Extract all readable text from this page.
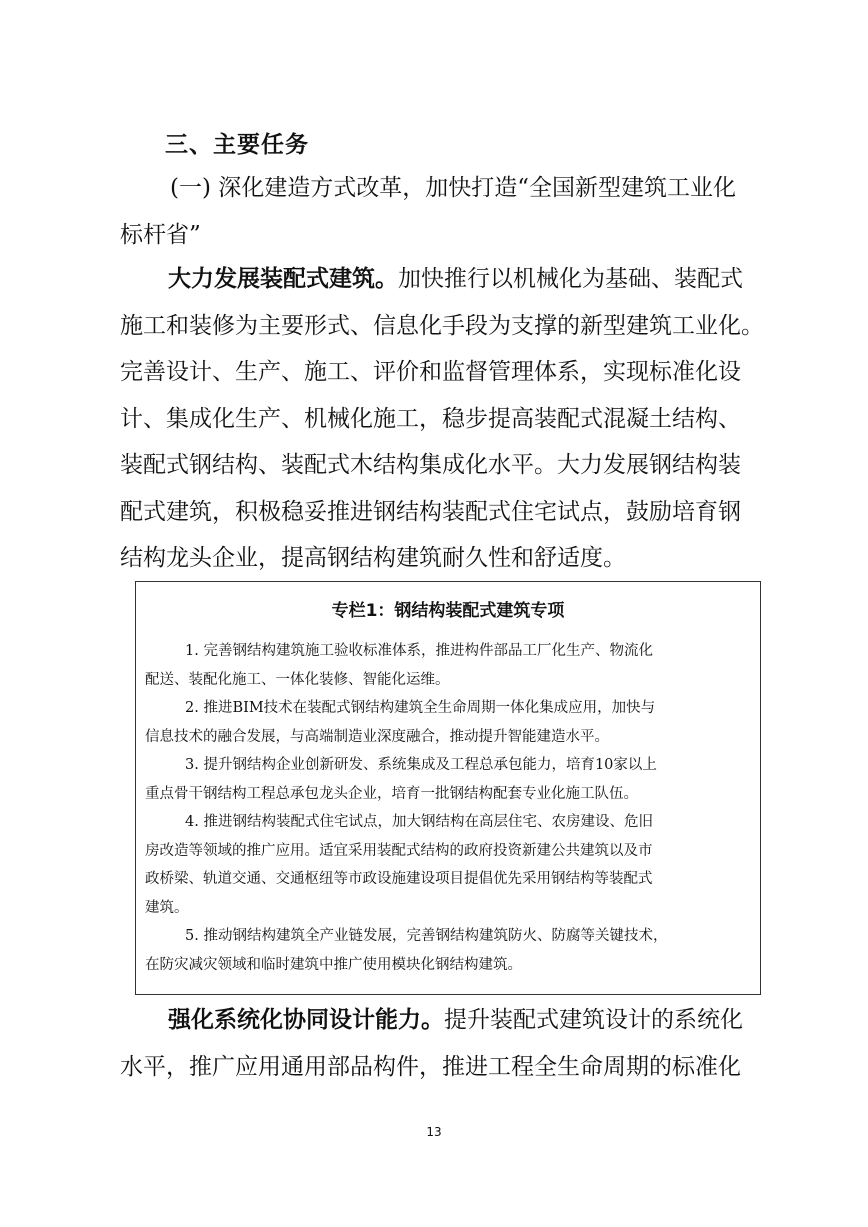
三、主要任务
(一) 深化建造方式改革，加快打造“全国新型建筑工业化
标杆省”
大力发展装配式建筑。加快推行以机械化为基础、装配式
施工和装修为主要形式、信息化手段为支撑的新型建筑工业化。
完善设计、生产、施工、评价和监督管理体系，实现标准化设
计、集成化生产、机械化施工，稳步提高装配式混凝土结构、
装配式钢结构、装配式木结构集成化水平。大力发展钢结构装
配式建筑，积极稳妥推进钢结构装配式住宅试点，鼓励培育钢
结构龙头企业，提高钢结构建筑耐久性和舒适度。
专栏1：钢结构装配式建筑专项
1. 完善钢结构建筑施工验收标准体系，推进构件部品工厂化生产、物流化
配送、装配化施工、一体化装修、智能化运维。
2. 推进BIM技术在装配式钢结构建筑全生命周期一体化集成应用，加快与
信息技术的融合发展，与高端制造业深度融合，推动提升智能建造水平。
3. 提升钢结构企业创新研发、系统集成及工程总承包能力，培育10家以上
重点骨干钢结构工程总承包龙头企业，培育一批钢结构配套专业化施工队伍。
4. 推进钢结构装配式住宅试点，加大钢结构在高层住宅、农房建设、危旧
房改造等领域的推广应用。适宜采用装配式结构的政府投资新建公共建筑以及市
政桥梁、轨道交通、交通枢纽等市政设施建设项目提倡优先采用钢结构等装配式
建筑。
5. 推动钢结构建筑全产业链发展，完善钢结构建筑防火、防腐等关键技术，
在防灾减灾领域和临时建筑中推广使用模块化钢结构建筑。
强化系统化协同设计能力。提升装配式建筑设计的系统化
水平，推广应用通用部品构件，推进工程全生命周期的标准化
13
